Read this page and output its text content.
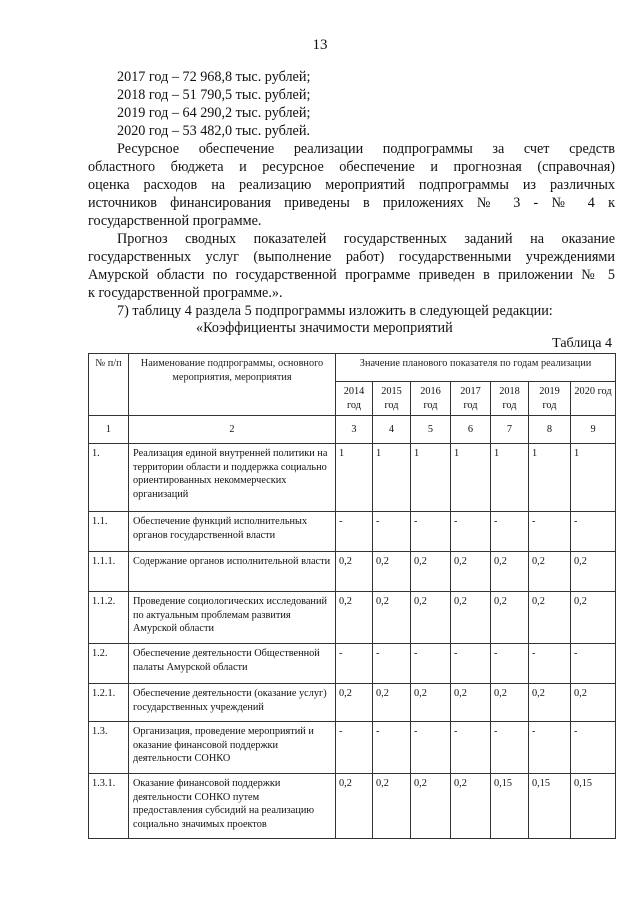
13
2017 год – 72 968,8 тыс. рублей;
2018 год – 51 790,5 тыс. рублей;
2019 год – 64 290,2 тыс. рублей;
2020 год – 53 482,0 тыс. рублей.
Ресурсное обеспечение реализации подпрограммы за счет средств
областного бюджета и ресурсное обеспечение и прогнозная (справочная)
оценка расходов на реализацию мероприятий подпрограммы из различных
источников финансирования приведены в приложениях № 3 - № 4 к
государственной программе.
Прогноз сводных показателей государственных заданий на оказание
государственных услуг (выполнение работ) государственными учреждениями
Амурской области по государственной программе приведен в приложении № 5
к государственной программе.».
7) таблицу 4 раздела 5 подпрограммы изложить в следующей редакции:
«Коэффициенты значимости мероприятий
Таблица 4
№ п/п	Наименование подпрограммы, основного мероприятия, мероприятия	Значение планового показателя по годам реализации						
		2014 год	2015 год	2016 год	2017 год	2018 год	2019 год	2020 год
1	2	3	4	5	6	7	8	9
1.	Реализация единой внутренней политики на территории области и поддержка социально ориентированных некоммерческих организаций	1	1	1	1	1	1	1
1.1.	Обеспечение функций исполнительных органов государственной власти	-	-	-	-	-	-	-
1.1.1.	Содержание органов исполнительной власти	0,2	0,2	0,2	0,2	0,2	0,2	0,2
1.1.2.	Проведение социологических исследований по актуальным проблемам развития Амурской области	0,2	0,2	0,2	0,2	0,2	0,2	0,2
1.2.	Обеспечение деятельности Общественной палаты Амурской области	-	-	-	-	-	-	-
1.2.1.	Обеспечение деятельности (оказание услуг) государственных учреждений	0,2	0,2	0,2	0,2	0,2	0,2	0,2
1.3.	Организация, проведение мероприятий и оказание финансовой поддержки деятельности СОНКО	-	-	-	-	-	-	-
1.3.1.	Оказание финансовой поддержки деятельности СОНКО путем предоставления субсидий на реализацию социально значимых проектов	0,2	0,2	0,2	0,2	0,15	0,15	0,15
